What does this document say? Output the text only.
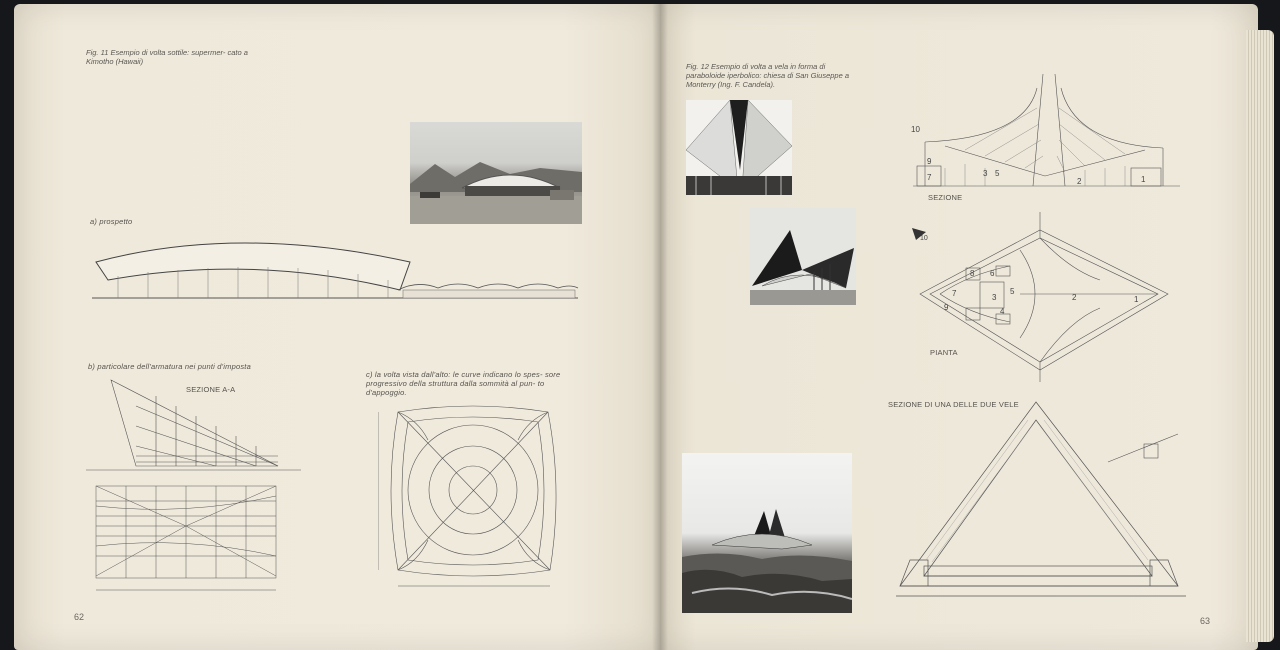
Fig. 11 Esempio di volta sottile: supermer- cato a Kimotho (Hawaii)
a) prospetto
b) particolare dell'armatura nei punti d'imposta
c) la volta vista dall'alto: le curve indicano lo spes- sore progressivo della struttura dalla sommità al pun- to d'appoggio.
SEZIONE A-A
62
Fig. 12 Esempio di volta a vela in forma di paraboloide iperbolico: chiesa di San Giuseppe a Monterry (Ing. F. Candela).
10
9
7	3 5
2	1
SEZIONE
10
7
8 6
9	4
5
3	2	1
PIANTA
SEZIONE DI UNA DELLE DUE VELE
63
